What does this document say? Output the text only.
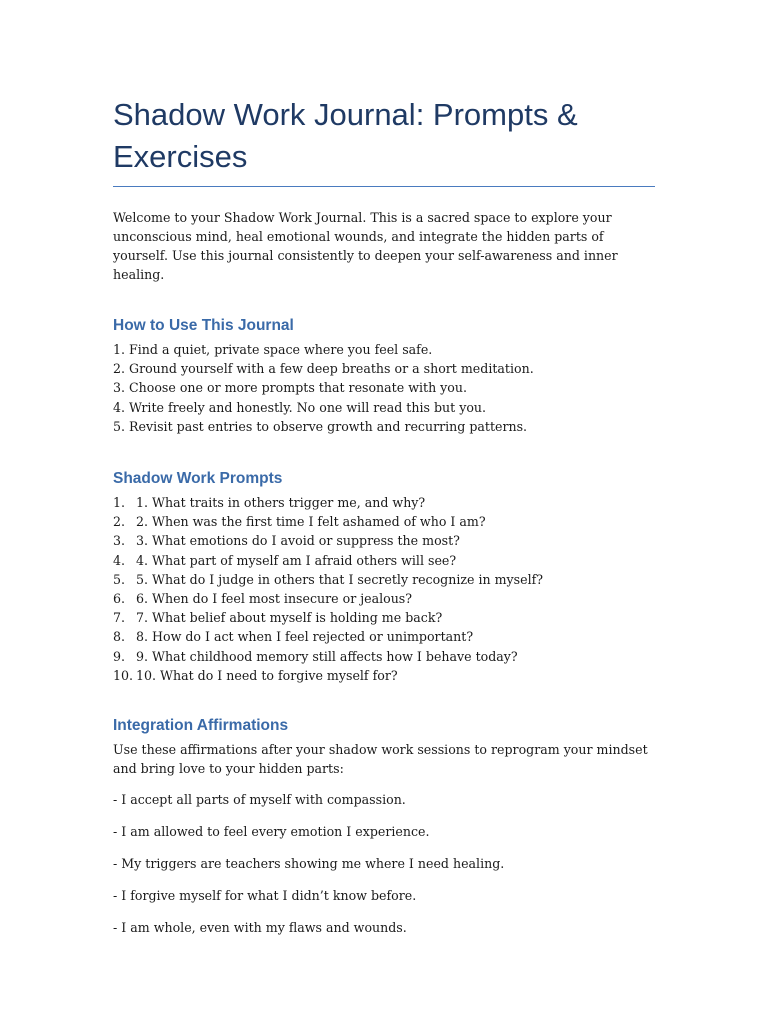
Shadow Work Journal: Prompts & Exercises

Welcome to your Shadow Work Journal. This is a sacred space to explore your unconscious mind, heal emotional wounds, and integrate the hidden parts of yourself. Use this journal consistently to deepen your self-awareness and inner healing.

How to Use This Journal
1. Find a quiet, private space where you feel safe.
2. Ground yourself with a few deep breaths or a short meditation.
3. Choose one or more prompts that resonate with you.
4. Write freely and honestly. No one will read this but you.
5. Revisit past entries to observe growth and recurring patterns.
Shadow Work Prompts
1. 1. What traits in others trigger me, and why?
2. 2. When was the first time I felt ashamed of who I am?
3. 3. What emotions do I avoid or suppress the most?
4. 4. What part of myself am I afraid others will see?
5. 5. What do I judge in others that I secretly recognize in myself?
6. 6. When do I feel most insecure or jealous?
7. 7. What belief about myself is holding me back?
8. 8. How do I act when I feel rejected or unimportant?
9. 9. What childhood memory still affects how I behave today?
10. 10. What do I need to forgive myself for?
Integration Affirmations

Use these affirmations after your shadow work sessions to reprogram your mindset and bring love to your hidden parts:

- I accept all parts of myself with compassion.

- I am allowed to feel every emotion I experience.

- My triggers are teachers showing me where I need healing.

- I forgive myself for what I didn’t know before.

- I am whole, even with my flaws and wounds.
